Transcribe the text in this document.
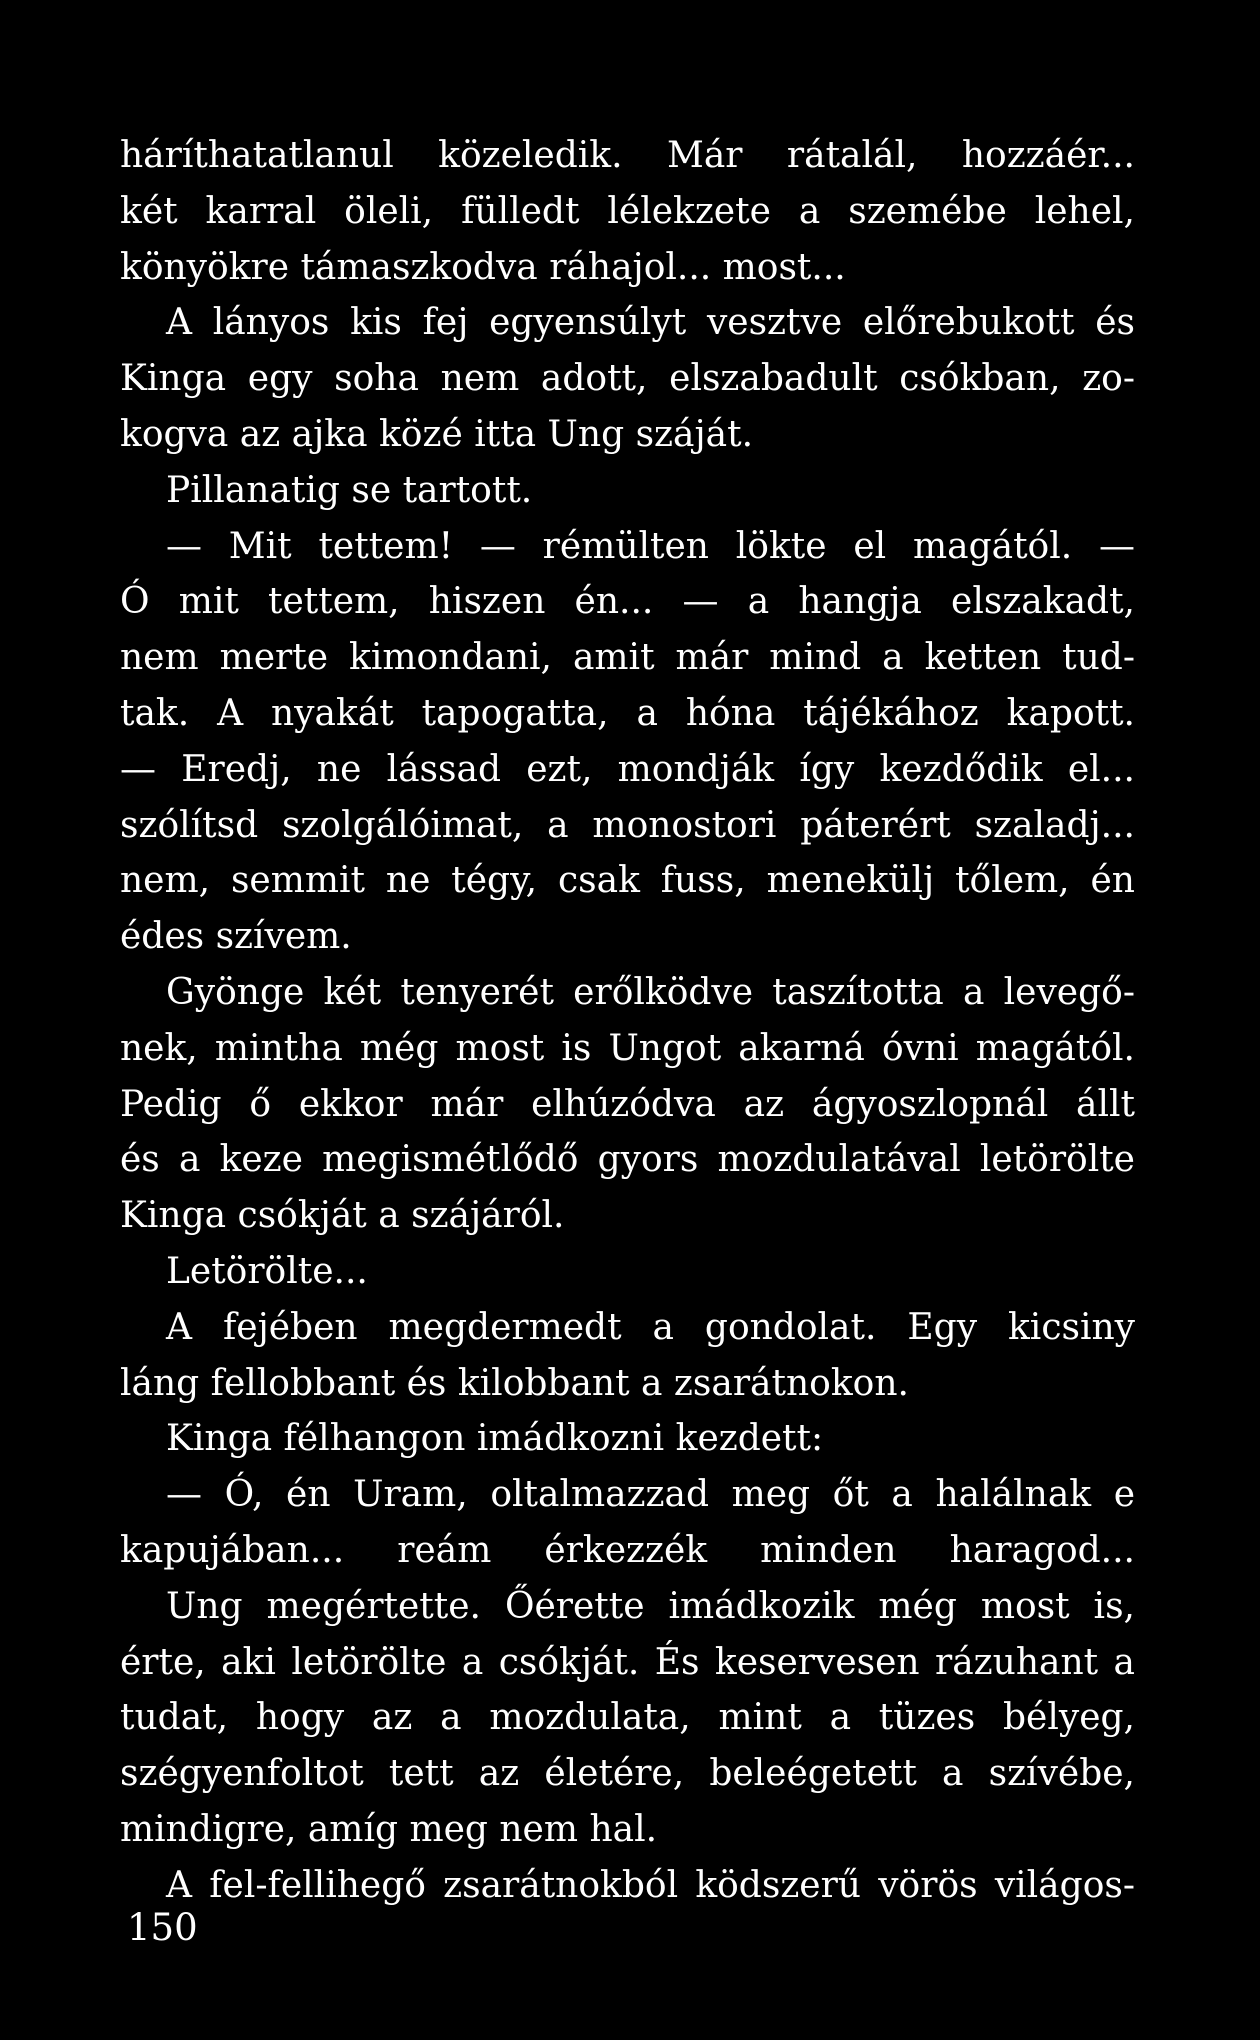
háríthatatlanul közeledik. Már rátalál, hozzáér...
két karral öleli, fülledt lélekzete a szemébe lehel,
könyökre támaszkodva ráhajol... most...
A lányos kis fej egyensúlyt vesztve előrebukott és
Kinga egy soha nem adott, elszabadult csókban, zo-
kogva az ajka közé itta Ung száját.
Pillanatig se tartott.
— Mit tettem! — rémülten lökte el magától. —
Ó mit tettem, hiszen én... — a hangja elszakadt,
nem merte kimondani, amit már mind a ketten tud-
tak. A nyakát tapogatta, a hóna tájékához kapott.
— Eredj, ne lássad ezt, mondják így kezdődik el...
szólítsd szolgálóimat, a monostori páterért szaladj...
nem, semmit ne tégy, csak fuss, menekülj tőlem, én
édes szívem.
Gyönge két tenyerét erőlködve taszította a levegő-
nek, mintha még most is Ungot akarná óvni magától.
Pedig ő ekkor már elhúzódva az ágyoszlopnál állt
és a keze megismétlődő gyors mozdulatával letörölte
Kinga csókját a szájáról.
Letörölte...
A fejében megdermedt a gondolat. Egy kicsiny
láng fellobbant és kilobbant a zsarátnokon.
Kinga félhangon imádkozni kezdett:
— Ó, én Uram, oltalmazzad meg őt a halálnak e
kapujában... reám érkezzék minden haragod...
Ung megértette. Őérette imádkozik még most is,
érte, aki letörölte a csókját. És keservesen rázuhant a
tudat, hogy az a mozdulata, mint a tüzes bélyeg,
szégyenfoltot tett az életére, beleégetett a szívébe,
mindigre, amíg meg nem hal.
A fel-fellihegő zsarátnokból ködszerű vörös világos-
150
